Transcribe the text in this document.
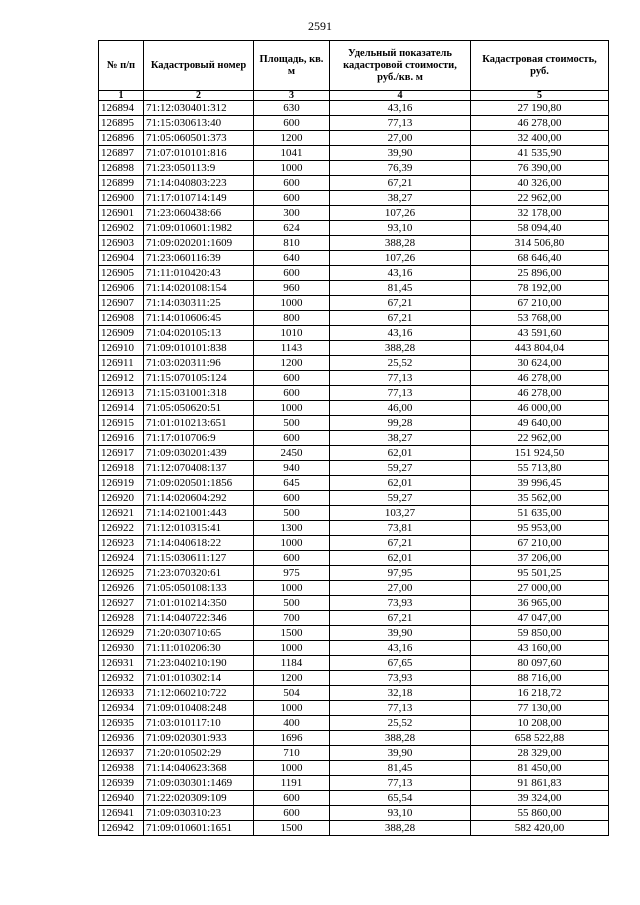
2591
№ п/п	Кадастровый номер	Площадь, кв. м	Удельный показатель кадастровой стоимости, руб./кв. м	Кадастровая стоимость, руб.
1	2	3	4	5
126894	71:12:030401:312	630	43,16	27 190,80
126895	71:15:030613:40	600	77,13	46 278,00
126896	71:05:060501:373	1200	27,00	32 400,00
126897	71:07:010101:816	1041	39,90	41 535,90
126898	71:23:050113:9	1000	76,39	76 390,00
126899	71:14:040803:223	600	67,21	40 326,00
126900	71:17:010714:149	600	38,27	22 962,00
126901	71:23:060438:66	300	107,26	32 178,00
126902	71:09:010601:1982	624	93,10	58 094,40
126903	71:09:020201:1609	810	388,28	314 506,80
126904	71:23:060116:39	640	107,26	68 646,40
126905	71:11:010420:43	600	43,16	25 896,00
126906	71:14:020108:154	960	81,45	78 192,00
126907	71:14:030311:25	1000	67,21	67 210,00
126908	71:14:010606:45	800	67,21	53 768,00
126909	71:04:020105:13	1010	43,16	43 591,60
126910	71:09:010101:838	1143	388,28	443 804,04
126911	71:03:020311:96	1200	25,52	30 624,00
126912	71:15:070105:124	600	77,13	46 278,00
126913	71:15:031001:318	600	77,13	46 278,00
126914	71:05:050620:51	1000	46,00	46 000,00
126915	71:01:010213:651	500	99,28	49 640,00
126916	71:17:010706:9	600	38,27	22 962,00
126917	71:09:030201:439	2450	62,01	151 924,50
126918	71:12:070408:137	940	59,27	55 713,80
126919	71:09:020501:1856	645	62,01	39 996,45
126920	71:14:020604:292	600	59,27	35 562,00
126921	71:14:021001:443	500	103,27	51 635,00
126922	71:12:010315:41	1300	73,81	95 953,00
126923	71:14:040618:22	1000	67,21	67 210,00
126924	71:15:030611:127	600	62,01	37 206,00
126925	71:23:070320:61	975	97,95	95 501,25
126926	71:05:050108:133	1000	27,00	27 000,00
126927	71:01:010214:350	500	73,93	36 965,00
126928	71:14:040722:346	700	67,21	47 047,00
126929	71:20:030710:65	1500	39,90	59 850,00
126930	71:11:010206:30	1000	43,16	43 160,00
126931	71:23:040210:190	1184	67,65	80 097,60
126932	71:01:010302:14	1200	73,93	88 716,00
126933	71:12:060210:722	504	32,18	16 218,72
126934	71:09:010408:248	1000	77,13	77 130,00
126935	71:03:010117:10	400	25,52	10 208,00
126936	71:09:020301:933	1696	388,28	658 522,88
126937	71:20:010502:29	710	39,90	28 329,00
126938	71:14:040623:368	1000	81,45	81 450,00
126939	71:09:030301:1469	1191	77,13	91 861,83
126940	71:22:020309:109	600	65,54	39 324,00
126941	71:09:030310:23	600	93,10	55 860,00
126942	71:09:010601:1651	1500	388,28	582 420,00
